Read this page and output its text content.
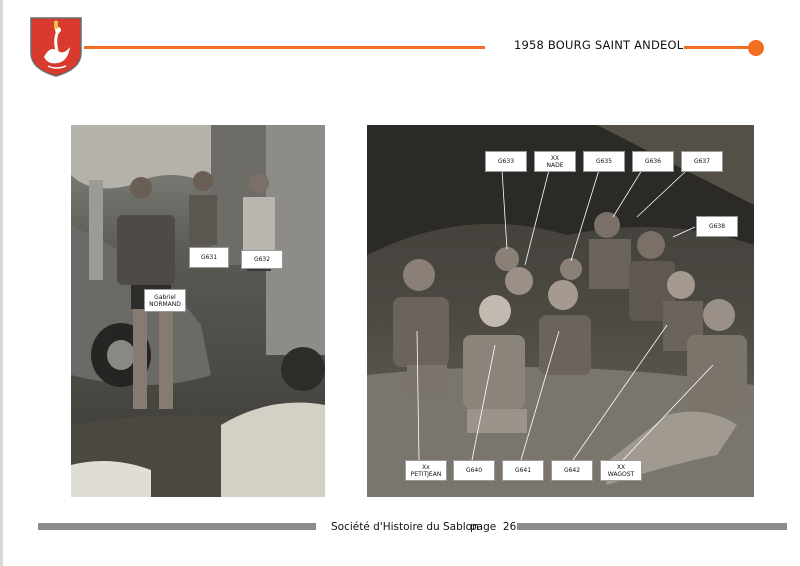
1958 BOURG SAINT ANDEOL
G631	G632
Gabriel
NORMAND
G633	XX
NADE	G635	G636	G637
G638
Xx
PETITJEAN	G640	G641	G642	XX
WAGOST
Société d'Histoire du Sablon
page  26
